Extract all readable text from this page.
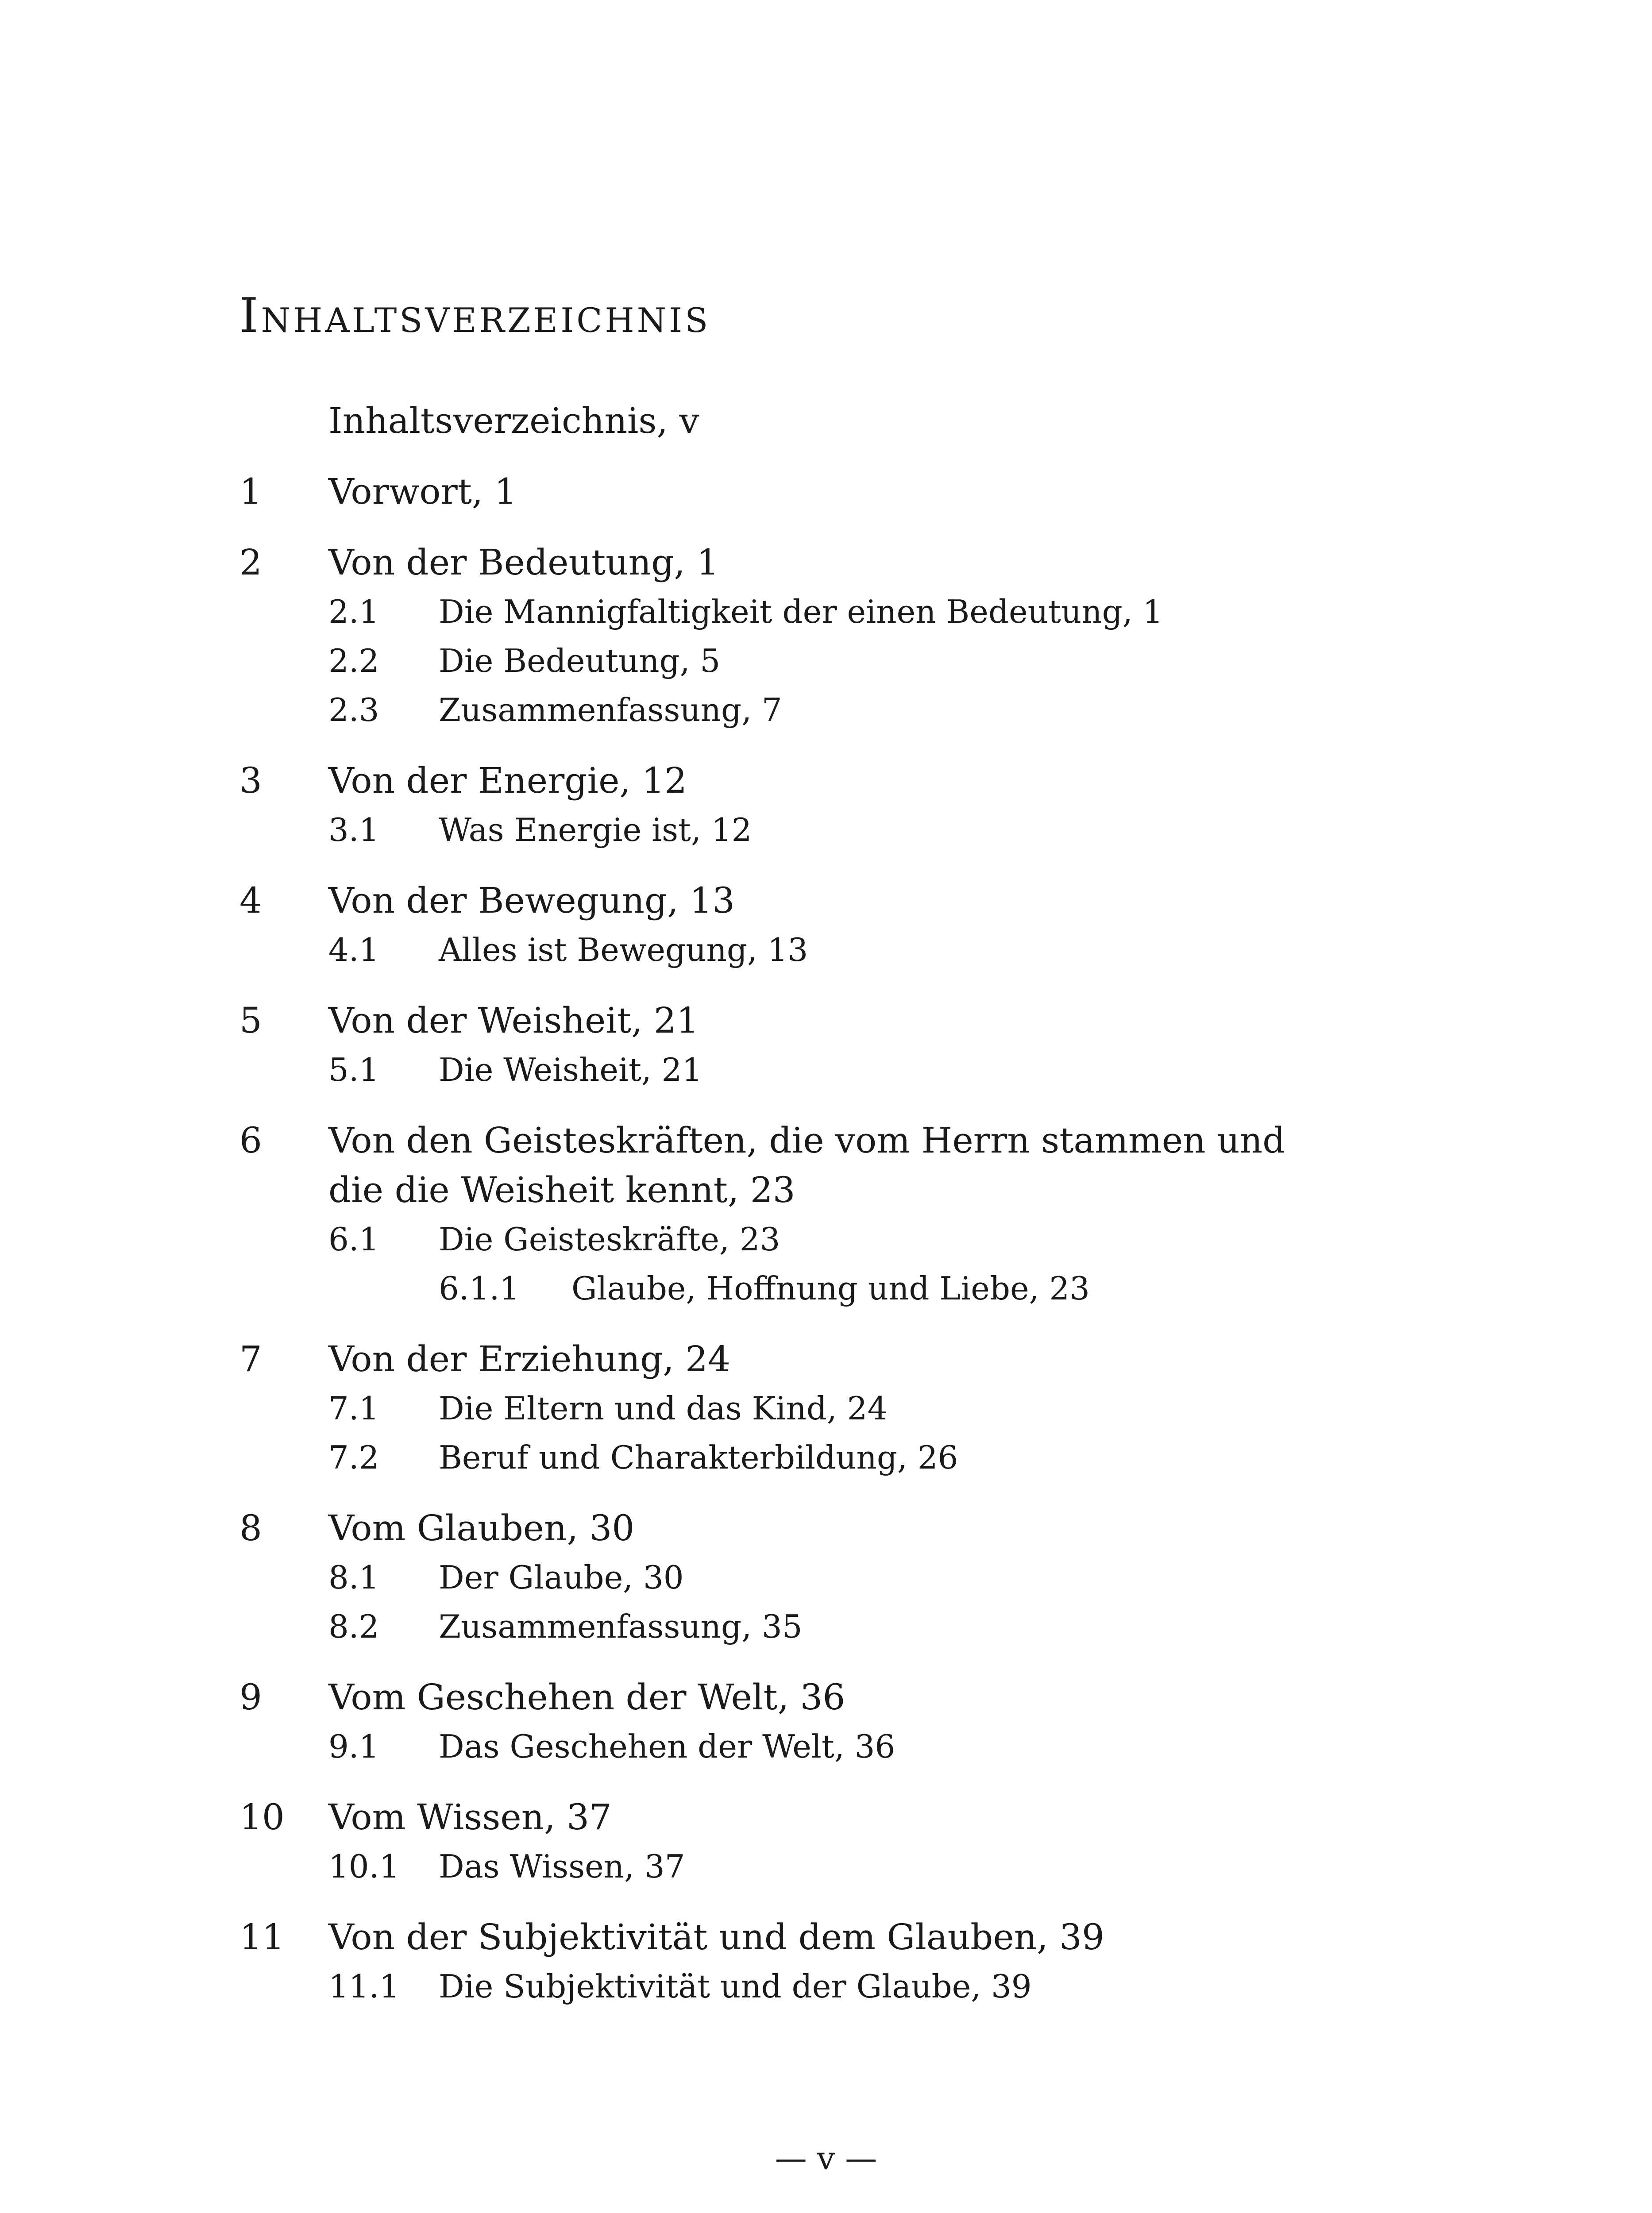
Inhaltsverzeichnis
Inhaltsverzeichnis, v
1 Vorwort, 1
2 Von der Bedeutung, 1
2.1 Die Mannigfaltigkeit der einen Bedeutung, 1
2.2 Die Bedeutung, 5
2.3 Zusammenfassung, 7
3 Von der Energie, 12
3.1 Was Energie ist, 12
4 Von der Bewegung, 13
4.1 Alles ist Bewegung, 13
5 Von der Weisheit, 21
5.1 Die Weisheit, 21
6 Von den Geisteskräften, die vom Herrn stammen und die die Weisheit kennt, 23
6.1 Die Geisteskräfte, 23
6.1.1 Glaube, Hoffnung und Liebe, 23
7 Von der Erziehung, 24
7.1 Die Eltern und das Kind, 24
7.2 Beruf und Charakterbildung, 26
8 Vom Glauben, 30
8.1 Der Glaube, 30
8.2 Zusammenfassung, 35
9 Vom Geschehen der Welt, 36
9.1 Das Geschehen der Welt, 36
10 Vom Wissen, 37
10.1 Das Wissen, 37
11 Von der Subjektivität und dem Glauben, 39
11.1 Die Subjektivität und der Glaube, 39
— v —
